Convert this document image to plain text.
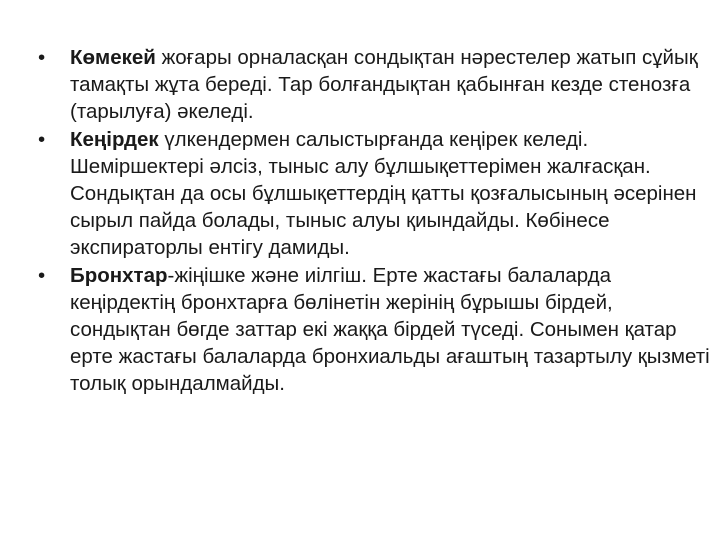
•	Көмекей жоғары орналасқан сондықтан нәрестелер жатып сұйық тамақты жұта береді. Тар болғандықтан қабынған кезде стенозға (тарылуға) әкеледі.
•	Кеңірдек үлкендермен салыстырғанда кеңірек келеді. Шеміршектері әлсіз, тыныс алу бұлшықеттерімен жалғасқан. Сондықтан да осы бұлшықеттердің қатты қозғалысының әсерінен сырыл пайда болады, тыныс алуы қиындайды. Көбінесе экспираторлы ентігу дамиды.
•	Бронхтар-жіңішке және иілгіш. Ерте жастағы балаларда кеңірдектің бронхтарға бөлінетін жерінің бұрышы бірдей, сондықтан бөгде заттар екі жаққа бірдей түседі. Сонымен қатар ерте жастағы балаларда бронхиальды ағаштың тазартылу қызметі толық орындалмайды.
